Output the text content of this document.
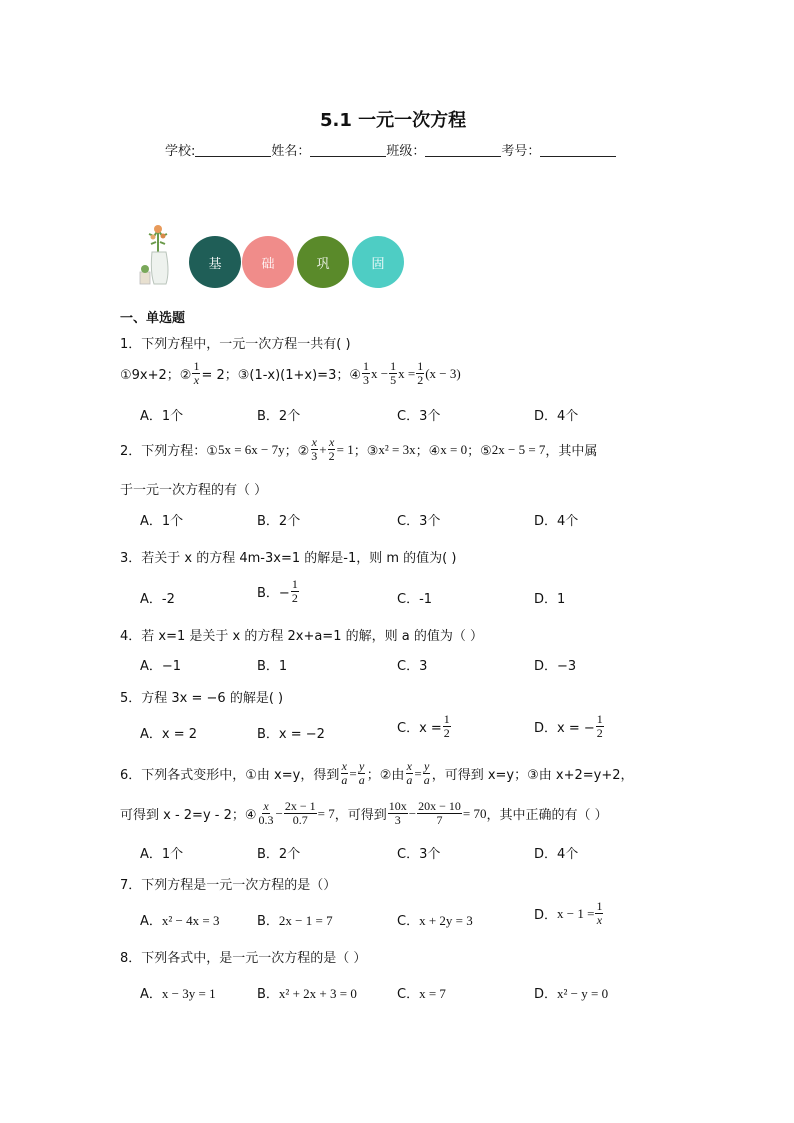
5.1 一元一次方程
学校:	姓名：	班级：	考号：
基	础	巩	固
一、单选题
1．下列方程中，一元一次方程一共有( )
①9x+2；② $\frac{1}{x} = 2$；③(1-x)(1+x)=3；④ $\frac{1}{3}$ $x - \frac{1}{5}$ $x = \frac{1}{2} (x - 3)$
A．1个	B．2个	C．3个	D．4个
2．下列方程：① 5x = 6x − 7y ；② $\frac{x}{3} + \frac{x}{2} = 1$ ；③ x² = 3x ；④ x = 0 ；⑤ 2x − 5 = 7 ，其中属
于一元一次方程的有（ ）
A．1个	B．2个	C．3个	D．4个
3．若关于 x 的方程 4m-3x=1 的解是-1，则 m 的值为( )
A．-2	B．− $\frac{1}{2}$	C．-1	D．1
4．若 x=1 是关于 x 的方程 2x+a=1 的解，则 a 的值为（ ）
A．−1	B．1	C．3	D．−3
5．方程 3x = −6 的解是( )
A．x = 2	B．x = −2	C．$x = \frac{1}{2}$	D．x = − $\frac{1}{2}$
6．下列各式变形中，①由 x=y，得到 $\frac{x}{a} = \frac{y}{a}$ ；②由 $\frac{x}{a} = \frac{y}{a}$ ，可得到 x=y；③由 x+2=y+2，
可得到 x - 2=y - 2；④ $\frac{x}{0.3} - \frac{2x - 1}{0.7} = 7$ ，可得到 $\frac{10x}{3} - \frac{20x - 10}{7} = 70$ ，其中正确的有（ ）
A．1个	B．2个	C．3个	D．4个
7．下列方程是一元一次方程的是（）
A．x² − 4x = 3	B．2x − 1 = 7	C．x + 2y = 3	D． $x - 1 = \frac{1}{x}$
8．下列各式中，是一元一次方程的是（ ）
A．x − 3y = 1	B．x² + 2x + 3 = 0	C．x = 7	D．x² − y = 0
